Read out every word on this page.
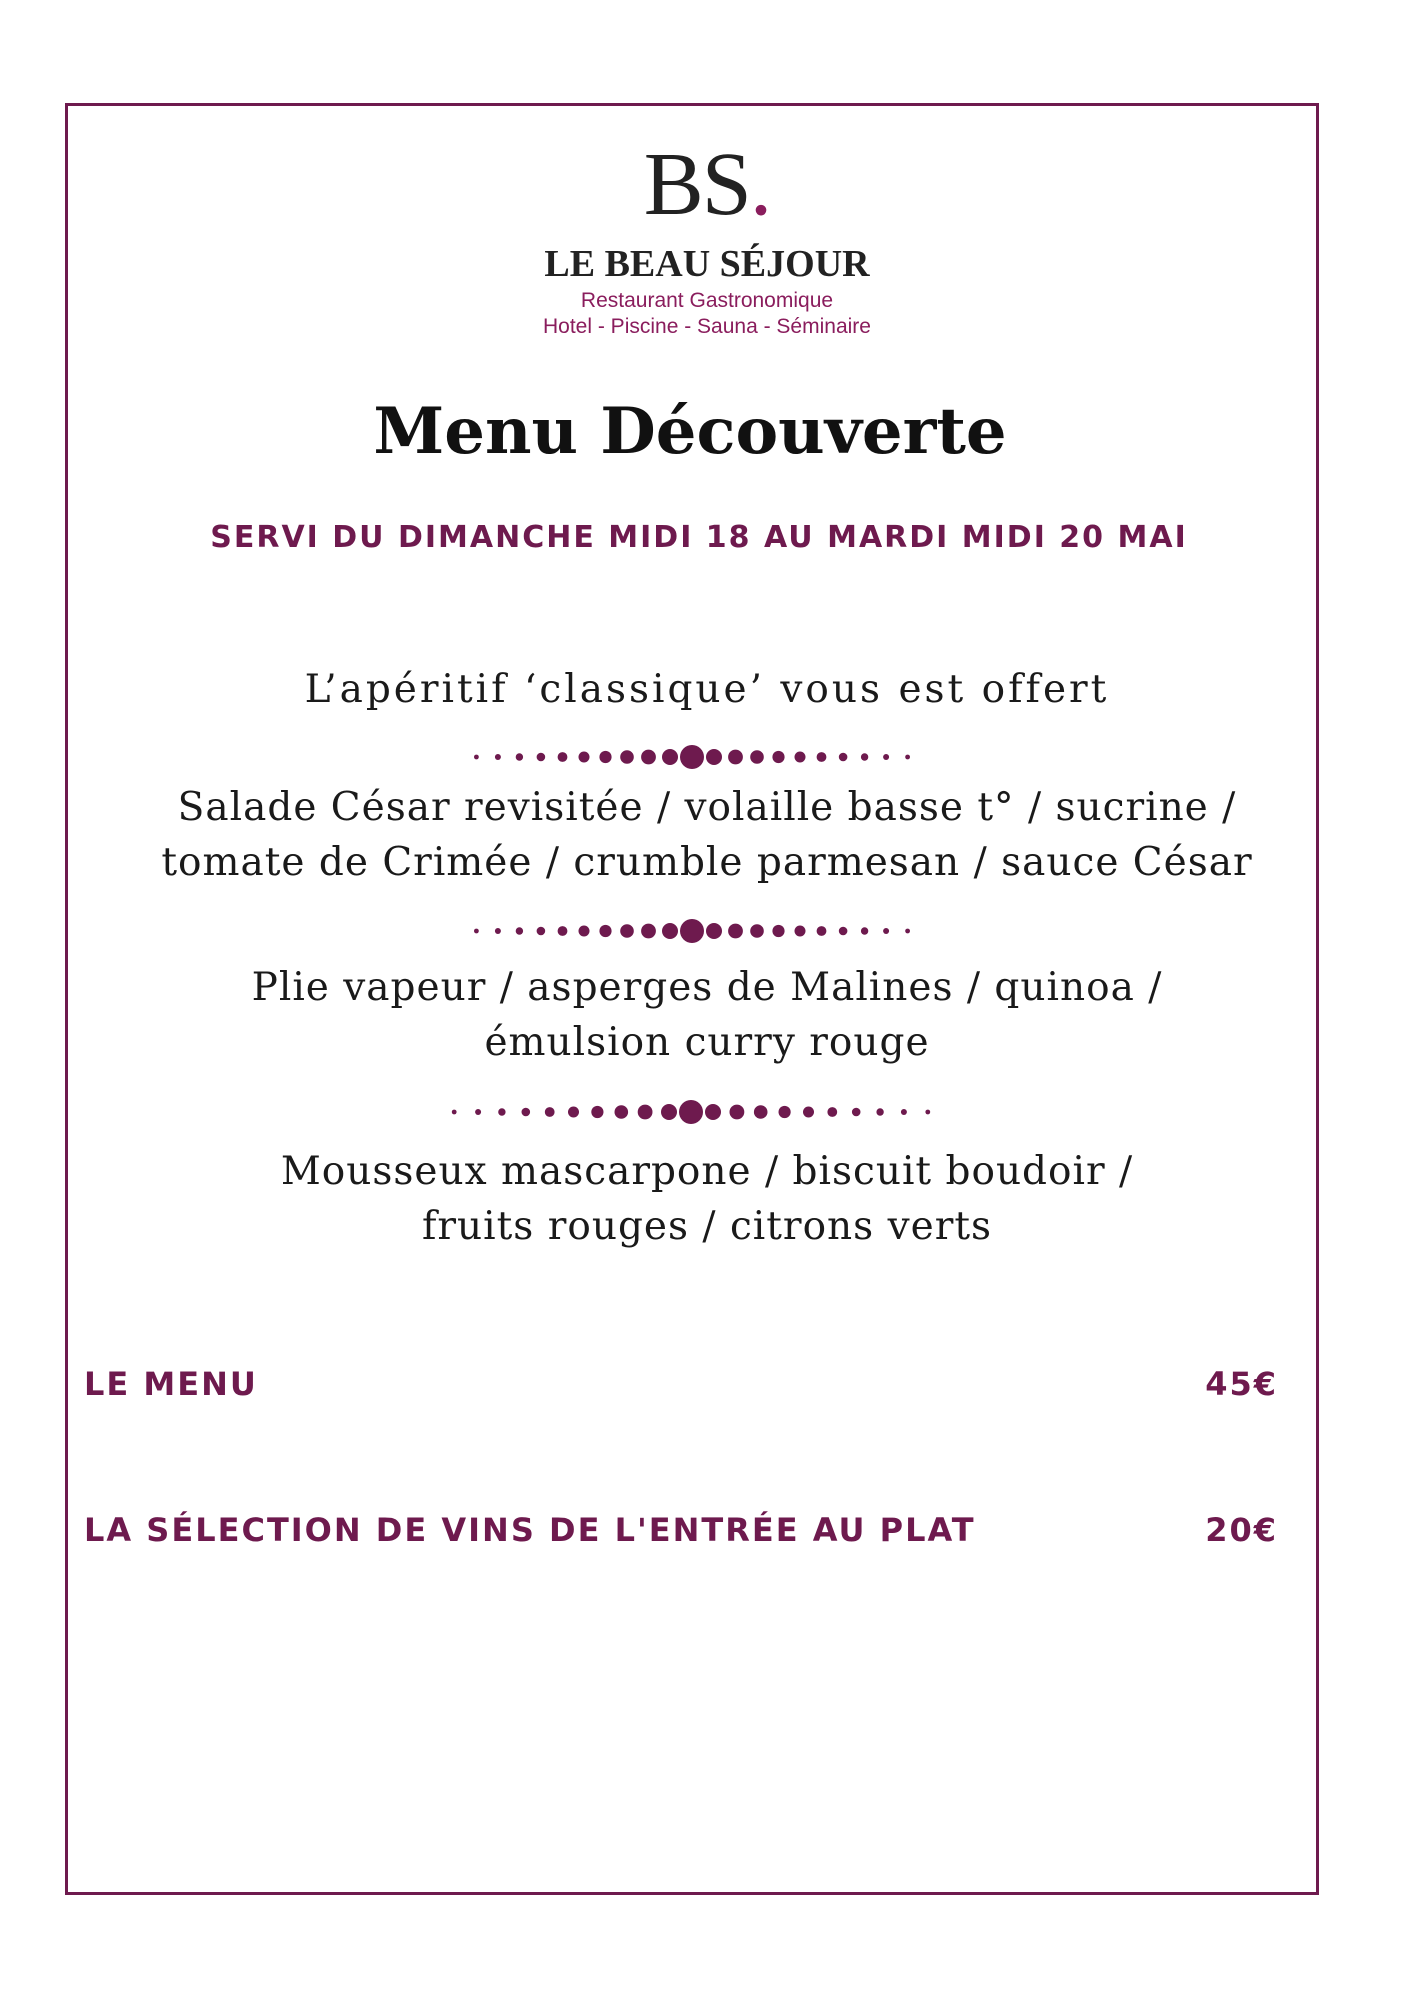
BS.
LE BEAU SÉJOUR
Restaurant Gastronomique
Hotel - Piscine - Sauna - Séminaire
Menu Découverte
SERVI DU DIMANCHE MIDI 18 AU MARDI MIDI 20 MAI
L’apéritif ‘classique’ vous est offert
Salade César revisitée / volaille basse t° / sucrine /
tomate de Crimée / crumble parmesan / sauce César
Plie vapeur / asperges de Malines / quinoa /
émulsion curry rouge
Mousseux mascarpone / biscuit boudoir /
fruits rouges / citrons verts
LE MENU	45€
LA SÉLECTION DE VINS DE L'ENTRÉE AU PLAT	20€
